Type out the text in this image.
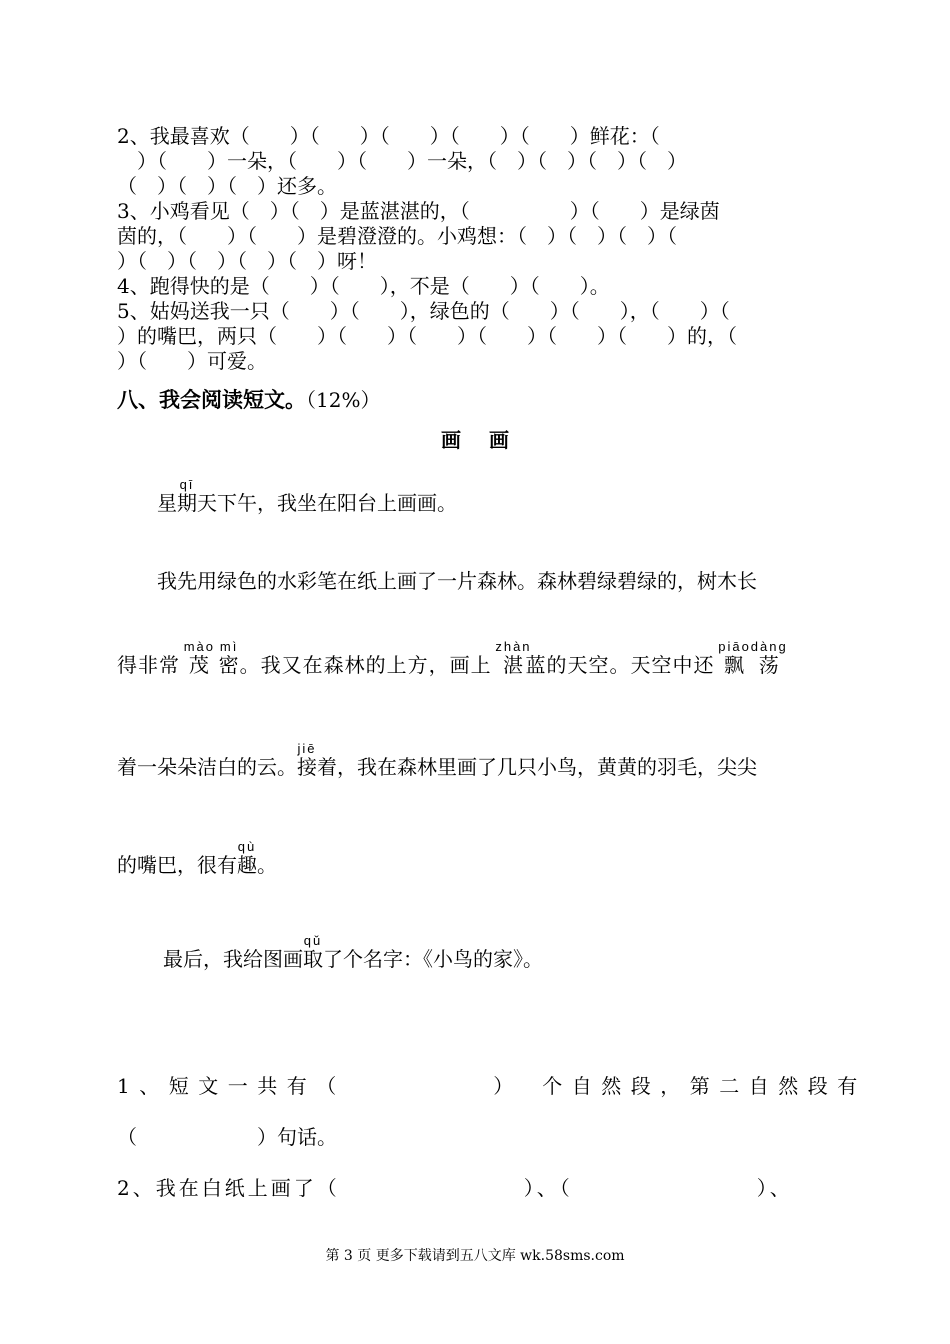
2、我最喜欢（　　）（　　）（　　）（　　）（　　）鲜花：（
　）（　　）一朵，（　　）（　　）一朵，（　）（　）（　）（　）
（　）（　）（　）还多。
3、小鸡看见（　）（　）是蓝湛湛的，（　　　　　）（　　）是绿茵
茵的，（　　）（　　）是碧澄澄的。小鸡想：（　）（　）（　）（
）（　）（　）（　）（　）呀！
4、跑得快的是（　　）（　　），不是（　　）（　　）。
5、姑妈送我一只（　　）（　　），绿色的（　　）（　　），（　　）（
）的嘴巴，两只（　　）（　　）（　　）（　　）（　　）（　　）的，（
）（　　）可爱。
八、我会阅读短文。（12%）
画画
星期qī天下午，我坐在阳台上画画。
我先用绿色的水彩笔在纸上画了一片森林。森林碧绿碧绿的，树木长
得非常 茂mào 密mì。我又在森林的上方，画上 湛zhàn蓝的天空。天空中还 飘piāo 荡dàng
着一朵朵洁白的云。接jiē着，我在森林里画了几只小鸟，黄黄的羽毛，尖尖
的嘴巴，很有趣qù。
最后，我给图画取qǔ了个名字：《小鸟的家》。
1、短文一共有（　　　　　）　个自然段，第二自然段有
（　　　　　　）句话。
2、我在白纸上画了（　　　　　　　　）、（　　　　　　　　）、
第 3 页 更多下载请到五八文库 wk.58sms.com
